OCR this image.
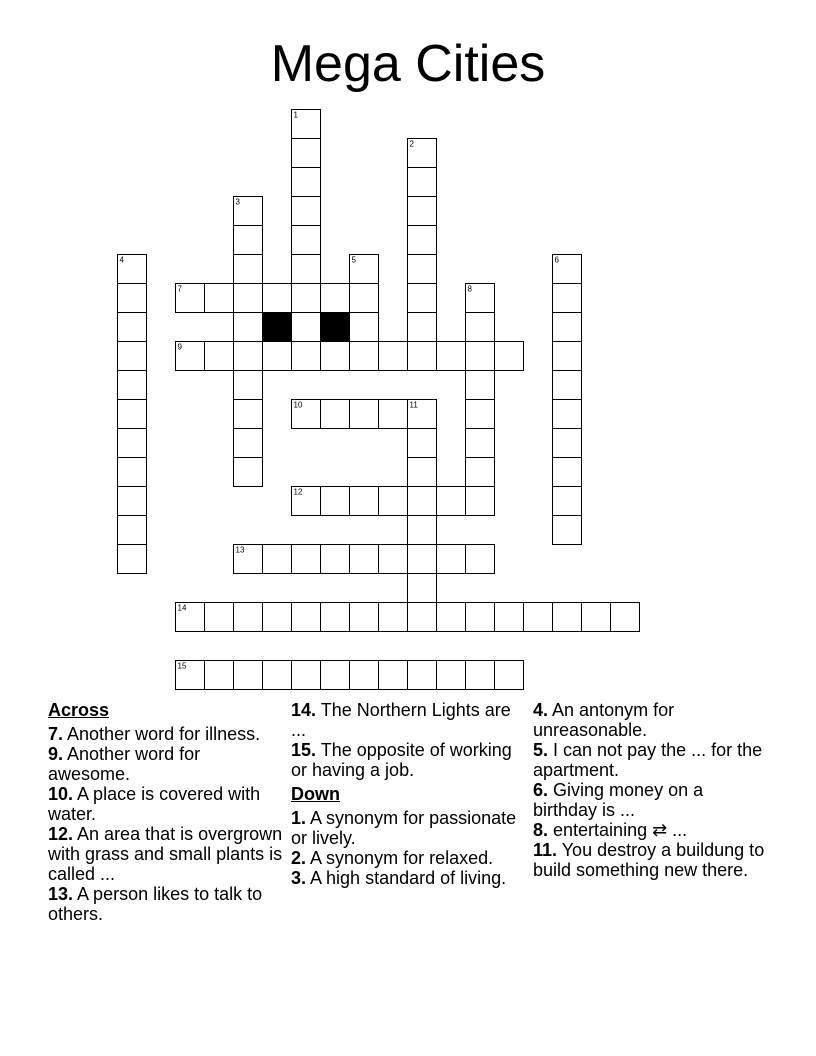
Mega Cities
1
2
3
4	5	6
7	8
9
10	11
12
13
14
15
Across
7. Another word for illness.
9. Another word for awesome.
10. A place is covered with water.
12. An area that is overgrown with grass and small plants is called ...
13. A person likes to talk to others.
14. The Northern Lights are ...
15. The opposite of working or having a job.
Down
1. A synonym for passionate or lively.
2. A synonym for relaxed.
3. A high standard of living.
4. An antonym for unreasonable.
5. I can not pay the ... for the apartment.
6. Giving money on a birthday is ...
8. entertaining ⇄ ...
11. You destroy a buildung to build something new there.
